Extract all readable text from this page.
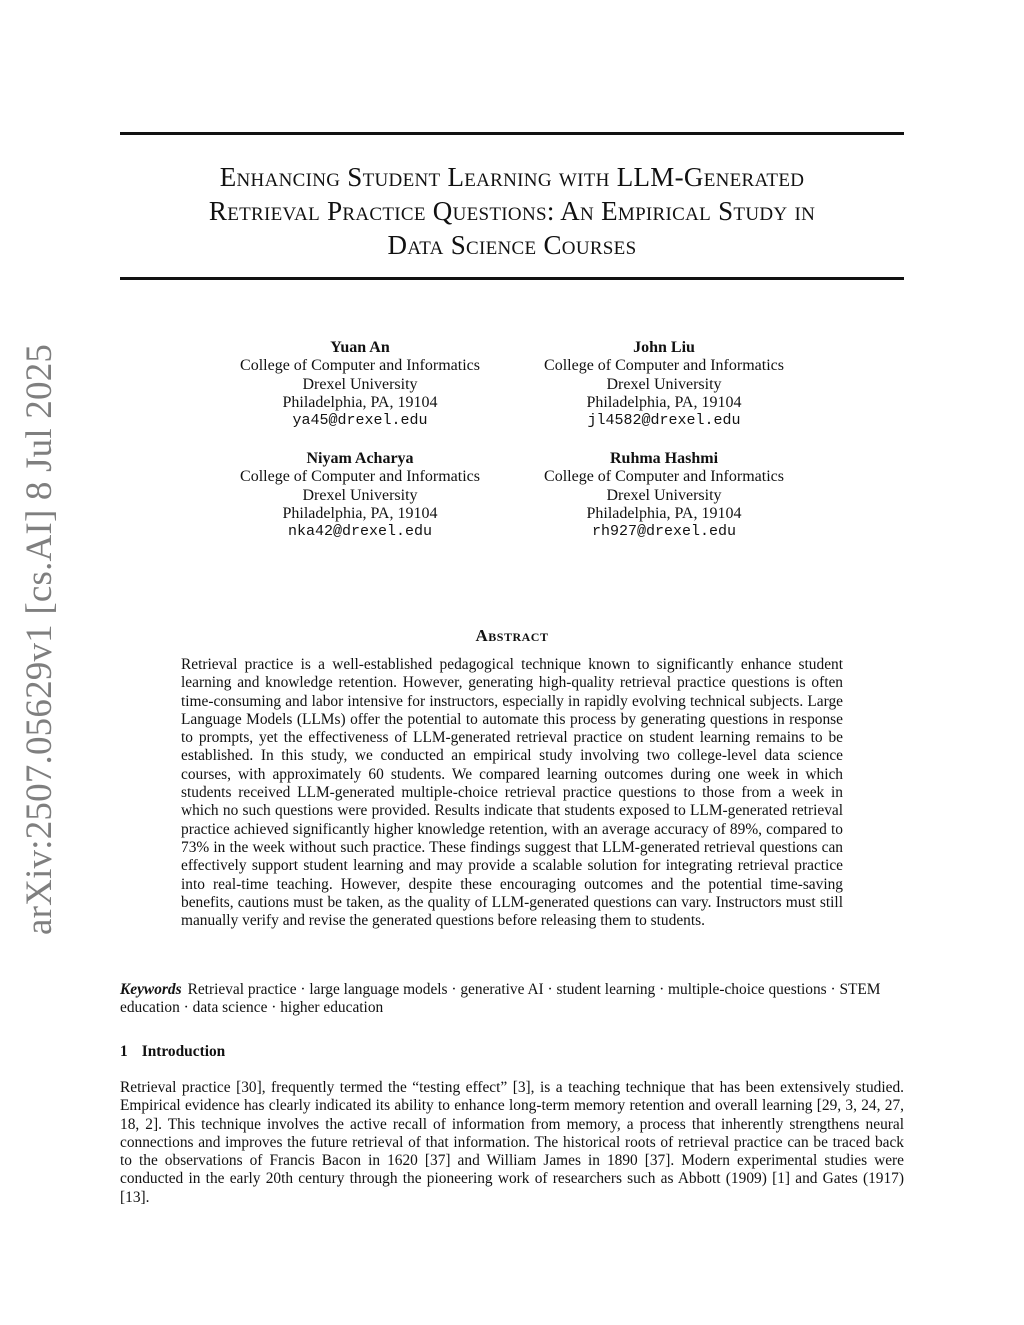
Enhancing Student Learning with LLM-Generated
Retrieval Practice Questions: An Empirical Study in
Data Science Courses
arXiv:2507.05629v1 [cs.AI] 8 Jul 2025	Yuan An
College of Computer and Informatics
Drexel University
Philadelphia, PA, 19104
ya45@drexel.edu
John Liu
College of Computer and Informatics
Drexel University
Philadelphia, PA, 19104
jl4582@drexel.edu
Niyam Acharya
College of Computer and Informatics
Drexel University
Philadelphia, PA, 19104
nka42@drexel.edu
Ruhma Hashmi
College of Computer and Informatics
Drexel University
Philadelphia, PA, 19104
rh927@drexel.edu
Abstract
Retrieval practice is a well-established pedagogical technique known to significantly enhance student learning and knowledge retention. However, generating high-quality retrieval practice questions is often time-consuming and labor intensive for instructors, especially in rapidly evolving technical subjects. Large Language Models (LLMs) offer the potential to automate this process by generating questions in response to prompts, yet the effectiveness of LLM-generated retrieval practice on student learning remains to be established. In this study, we conducted an empirical study involving two college-level data science courses, with approximately 60 students. We compared learning outcomes during one week in which students received LLM-generated multiple-choice retrieval practice questions to those from a week in which no such questions were provided. Results indicate that students exposed to LLM-generated retrieval practice achieved significantly higher knowledge retention, with an average accuracy of 89%, compared to 73% in the week without such practice. These findings suggest that LLM-generated retrieval questions can effectively support student learning and may provide a scalable solution for integrating retrieval practice into real-time teaching. However, despite these encouraging outcomes and the potential time-saving benefits, cautions must be taken, as the quality of LLM-generated questions can vary. Instructors must still manually verify and revise the generated questions before releasing them to students.
Keywords Retrieval practice · large language models · generative AI · student learning · multiple-choice questions · STEM education · data science · higher education
1 Introduction
Retrieval practice [30], frequently termed the “testing effect” [3], is a teaching technique that has been extensively studied. Empirical evidence has clearly indicated its ability to enhance long-term memory retention and overall learning [29, 3, 24, 27, 18, 2]. This technique involves the active recall of information from memory, a process that inherently strengthens neural connections and improves the future retrieval of that information. The historical roots of retrieval practice can be traced back to the observations of Francis Bacon in 1620 [37] and William James in 1890 [37]. Modern experimental studies were conducted in the early 20th century through the pioneering work of researchers such as Abbott (1909) [1] and Gates (1917) [13].
